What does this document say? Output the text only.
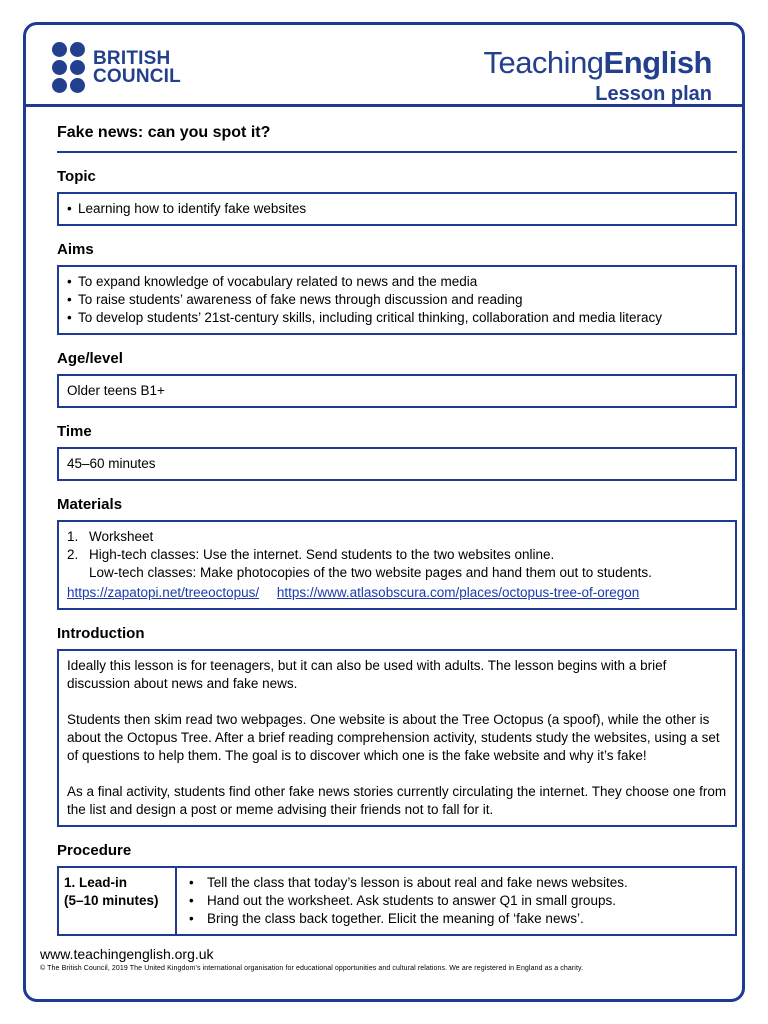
BRITISH
COUNCIL	TeachingEnglish
Lesson plan
Fake news: can you spot it?
Topic
• Learning how to identify fake websites
Aims
• To expand knowledge of vocabulary related to news and the media
• To raise students’ awareness of fake news through discussion and reading
• To develop students’ 21st-century skills, including critical thinking, collaboration and media literacy
Age/level
Older teens B1+
Time
45–60 minutes
Materials
1. Worksheet
2. High-tech classes: Use the internet. Send students to the two websites online.
Low-tech classes: Make photocopies of the two website pages and hand them out to students.
https://zapatopi.net/treeoctopus/ https://www.atlasobscura.com/places/octopus-tree-of-oregon
Introduction

Ideally this lesson is for teenagers, but it can also be used with adults. The lesson begins with a brief discussion about news and fake news.

Students then skim read two webpages. One website is about the Tree Octopus (a spoof), while the other is about the Octopus Tree. After a brief reading comprehension activity, students study the websites, using a set of questions to help them. The goal is to discover which one is the fake website and why it’s fake!

As a final activity, students find other fake news stories currently circulating the internet. They choose one from the list and design a post or meme advising their friends not to fall for it.

Procedure
1. Lead-in
(5–10 minutes)
• Tell the class that today’s lesson is about real and fake news websites.
• Hand out the worksheet. Ask students to answer Q1 in small groups.
• Bring the class back together. Elicit the meaning of ‘fake news’.
www.teachingenglish.org.uk
© The British Council, 2019 The United Kingdom’s international organisation for educational opportunities and cultural relations. We are registered in England as a charity.
